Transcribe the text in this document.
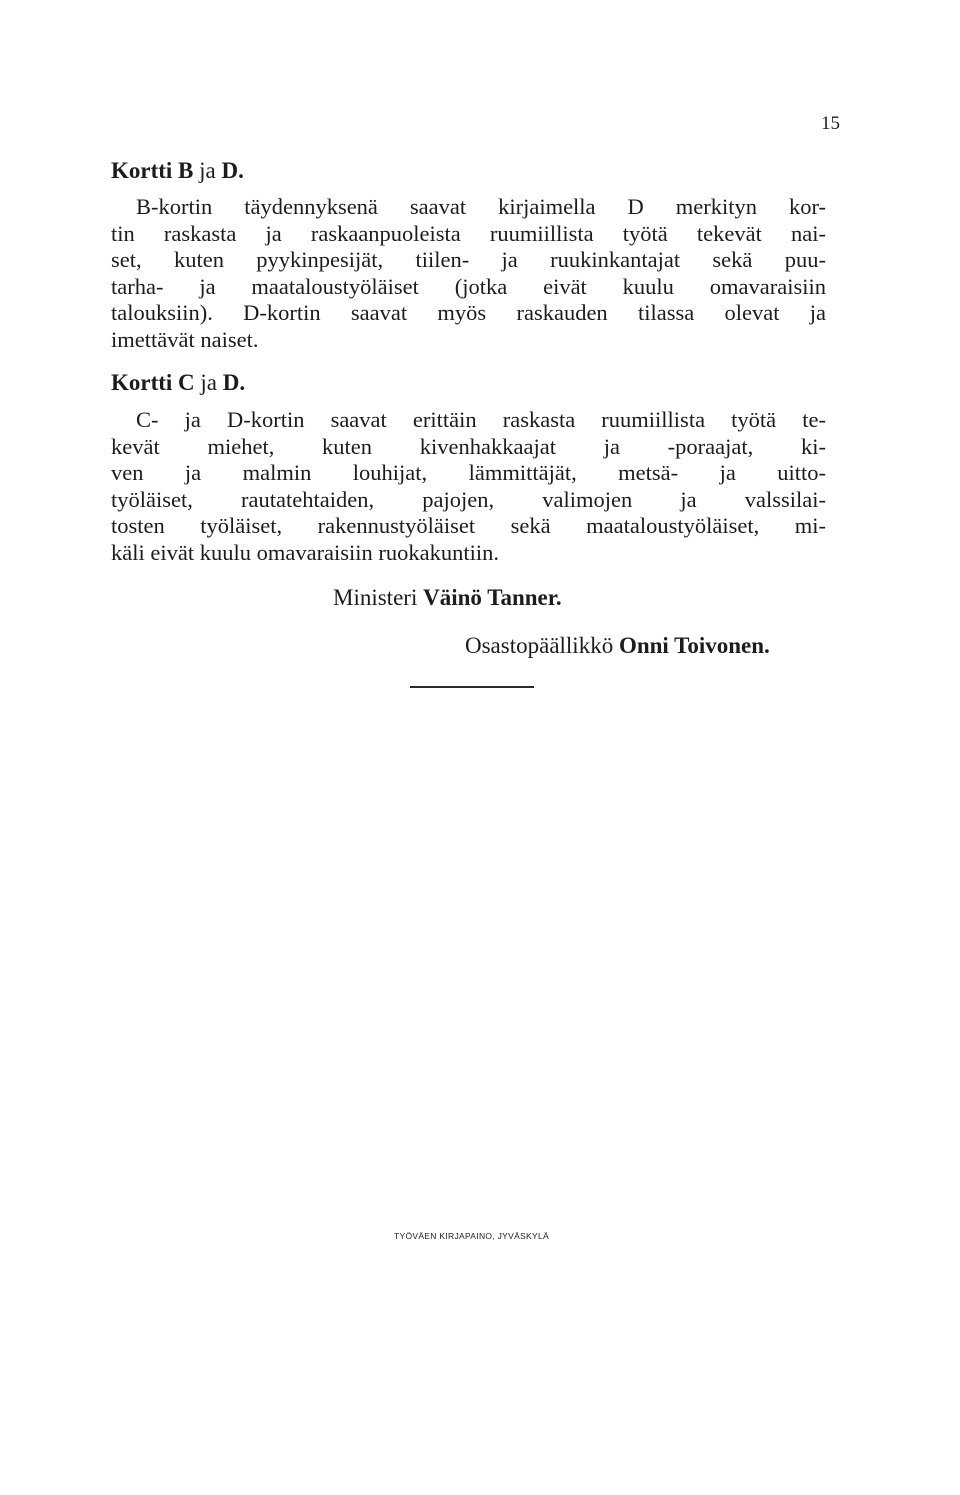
15
Kortti B ja D.
B-kortin täydennyksenä saavat kirjaimella D merkityn kor-
tin raskasta ja raskaanpuoleista ruumiillista työtä tekevät nai-
set, kuten pyykinpesijät, tiilen- ja ruukinkantajat sekä puu-
tarha- ja maataloustyöläiset (jotka eivät kuulu omavaraisiin
talouksiin). D-kortin saavat myös raskauden tilassa olevat ja
imettävät naiset.
Kortti C ja D.
C- ja D-kortin saavat erittäin raskasta ruumiillista työtä te-
kevät miehet, kuten kivenhakkaajat ja -poraajat, ki-
ven ja malmin louhijat, lämmittäjät, metsä- ja uitto-
työläiset, rautatehtaiden, pajojen, valimojen ja valssilai-
tosten työläiset, rakennustyöläiset sekä maataloustyöläiset, mi-
käli eivät kuulu omavaraisiin ruokakuntiin.
Ministeri Väinö Tanner.
Osastopäällikkö Onni Toivonen.
TYÖVÄEN KIRJAPAINO, JYVÄSKYLÄ
